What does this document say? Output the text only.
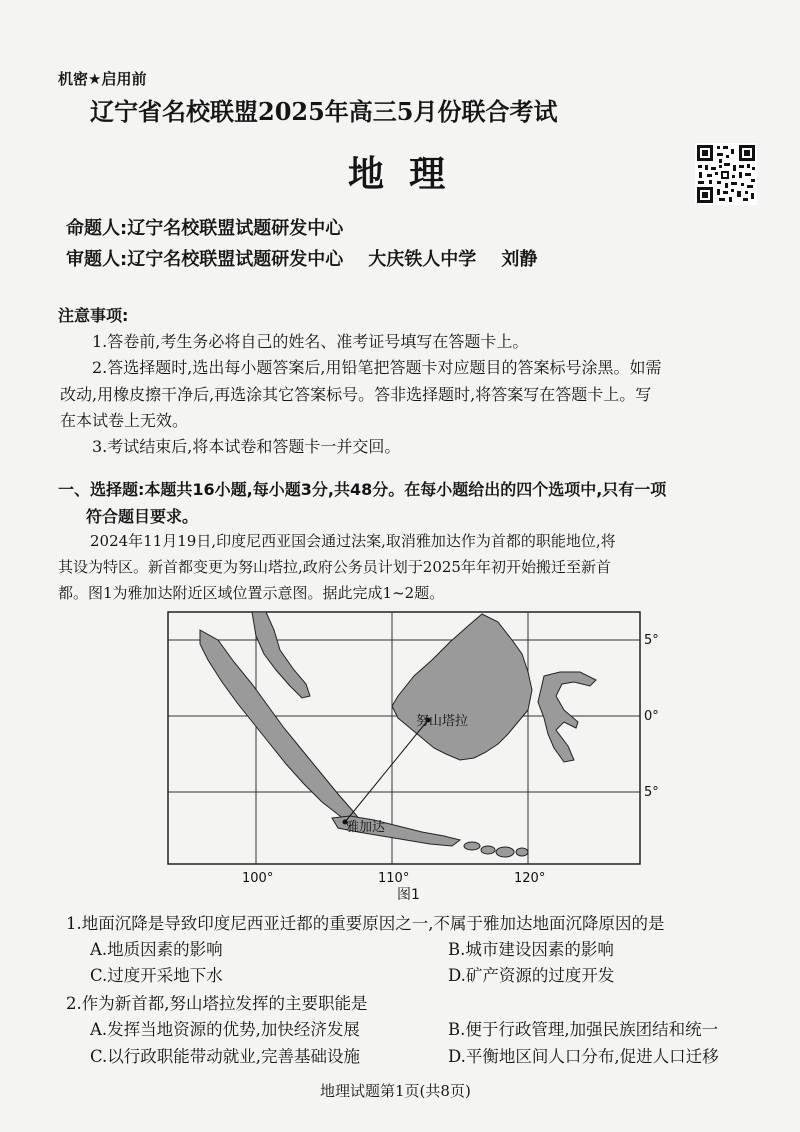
机密★启用前
辽宁省名校联盟2025年高三5月份联合考试
地  理
命题人:辽宁名校联盟试题研发中心
审题人:辽宁名校联盟试题研发中心    大庆铁人中学    刘静
注意事项:
1.答卷前,考生务必将自己的姓名、准考证号填写在答题卡上。
2.答选择题时,选出每小题答案后,用铅笔把答题卡对应题目的答案标号涂黑。如需
改动,用橡皮擦干净后,再选涂其它答案标号。答非选择题时,将答案写在答题卡上。写
在本试卷上无效。
3.考试结束后,将本试卷和答题卡一并交回。
一、选择题:本题共16小题,每小题3分,共48分。在每小题给出的四个选项中,只有一项
符合题目要求。
2024年11月19日,印度尼西亚国会通过法案,取消雅加达作为首都的职能地位,将
其设为特区。新首都变更为努山塔拉,政府公务员计划于2025年年初开始搬迁至新首
都。图1为雅加达附近区域位置示意图。据此完成1~2题。
努山塔拉
雅加达
5°
0°
5°
100°	110°	120°
图1
1.地面沉降是导致印度尼西亚迁都的重要原因之一,不属于雅加达地面沉降原因的是
A.地质因素的影响	B.城市建设因素的影响
C.过度开采地下水	D.矿产资源的过度开发
2.作为新首都,努山塔拉发挥的主要职能是
A.发挥当地资源的优势,加快经济发展	B.便于行政管理,加强民族团结和统一
C.以行政职能带动就业,完善基础设施	D.平衡地区间人口分布,促进人口迁移
地理试题第1页(共8页)
